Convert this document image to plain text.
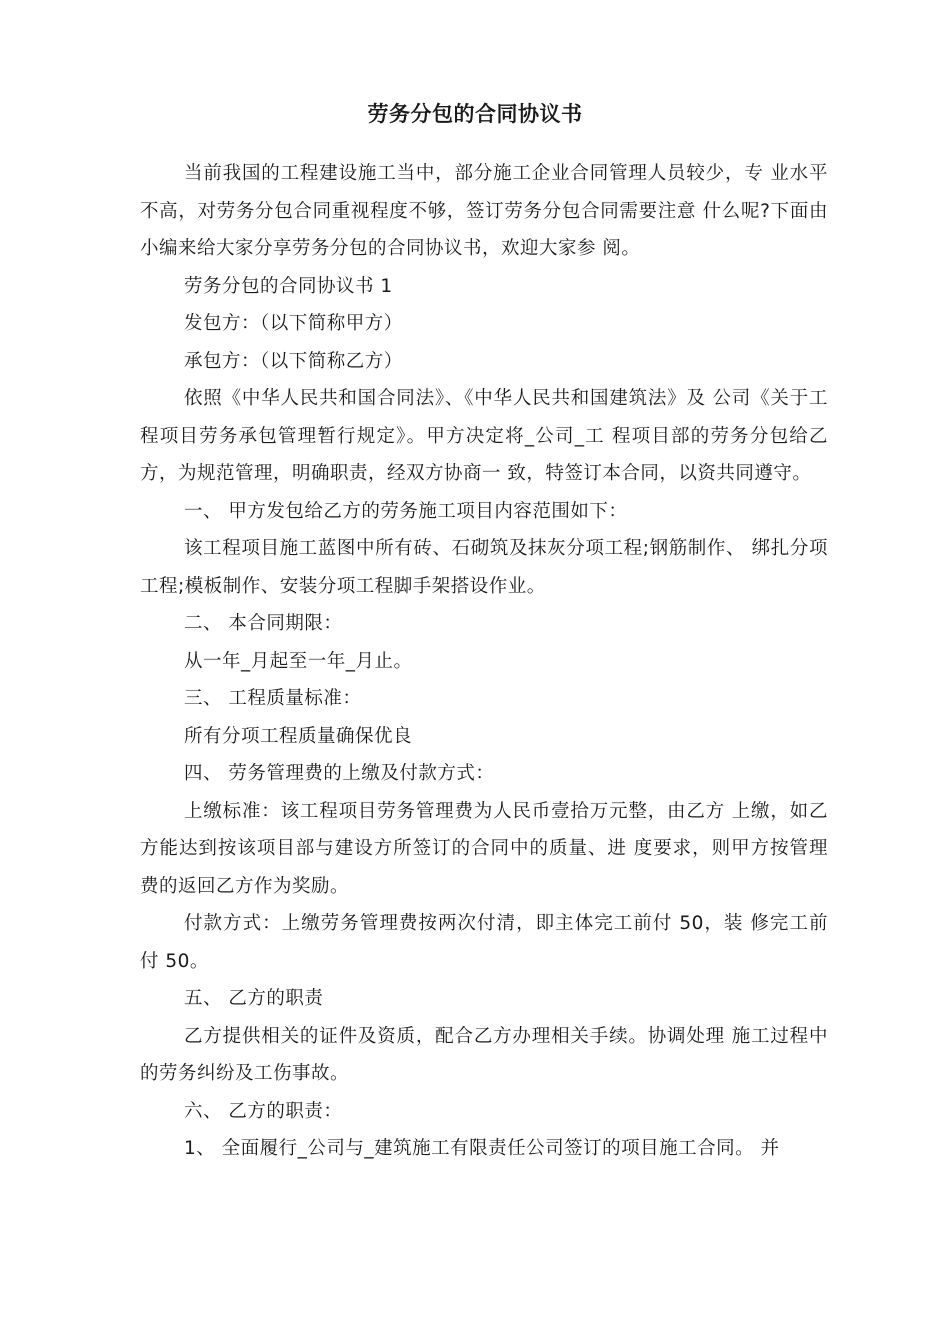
劳务分包的合同协议书

当前我国的工程建设施工当中，部分施工企业合同管理人员较少，专 业水平不高，对劳务分包合同重视程度不够，签订劳务分包合同需要注意 什么呢?下面由小编来给大家分享劳务分包的合同协议书，欢迎大家参 阅。

劳务分包的合同协议书 1

发包方：（以下简称甲方）

承包方：（以下简称乙方）

依照《中华人民共和国合同法》、《中华人民共和国建筑法》及 公司《关于工程项目劳务承包管理暂行规定》。甲方决定将_公司_工 程项目部的劳务分包给乙方，为规范管理，明确职责，经双方协商一 致，特签订本合同，以资共同遵守。

一、 甲方发包给乙方的劳务施工项目内容范围如下：

该工程项目施工蓝图中所有砖、石砌筑及抹灰分项工程;钢筋制作、 绑扎分项工程;模板制作、安装分项工程脚手架搭设作业。

二、 本合同期限：

从一年_月起至一年_月止。

三、 工程质量标准：

所有分项工程质量确保优良

四、 劳务管理费的上缴及付款方式：

上缴标准：该工程项目劳务管理费为人民币壹拾万元整，由乙方 上缴，如乙方能达到按该项目部与建设方所签订的合同中的质量、进 度要求，则甲方按管理费的返回乙方作为奖励。

付款方式：上缴劳务管理费按两次付清，即主体完工前付 50，装 修完工前付 50。

五、 乙方的职责

乙方提供相关的证件及资质，配合乙方办理相关手续。协调处理 施工过程中的劳务纠纷及工伤事故。

六、 乙方的职责：

1、 全面履行_公司与_建筑施工有限责任公司签订的项目施工合同。 并
